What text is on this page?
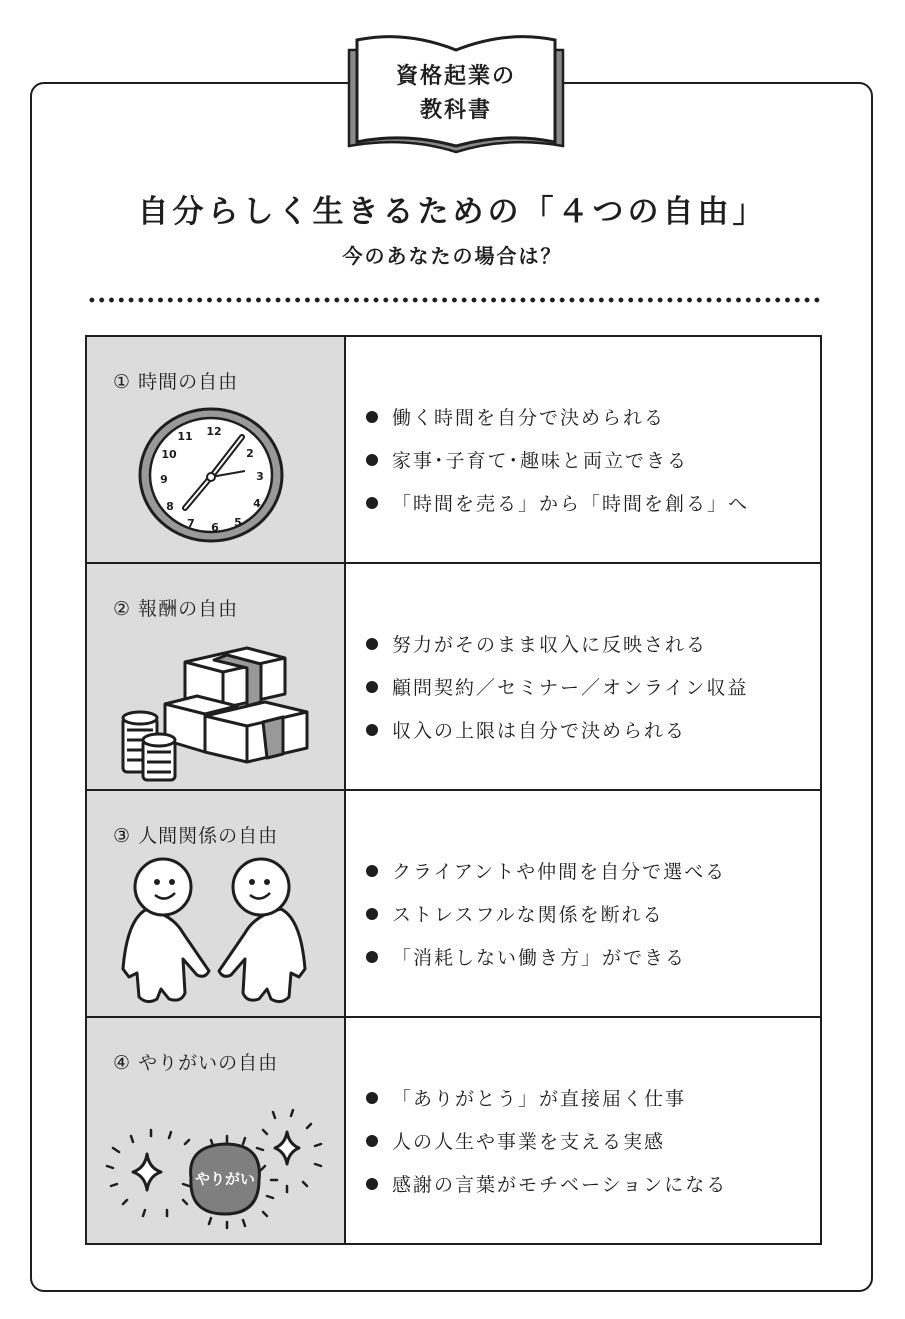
資格起業の
教科書
自分らしく生きるための「４つの自由」
今のあなたの場合は？
① 時間の自由
12
11
10
9
8
7 6 5
4
3
2
働く時間を自分で決められる
家事･子育て･趣味と両立できる
「時間を売る」から「時間を創る」へ
② 報酬の自由
努力がそのまま収入に反映される
顧問契約／セミナー／オンライン収益
収入の上限は自分で決められる
③ 人間関係の自由
クライアントや仲間を自分で選べる
ストレスフルな関係を断れる
「消耗しない働き方」ができる
④ やりがいの自由
やりがい
「ありがとう」が直接届く仕事
人の人生や事業を支える実感
感謝の言葉がモチベーションになる
